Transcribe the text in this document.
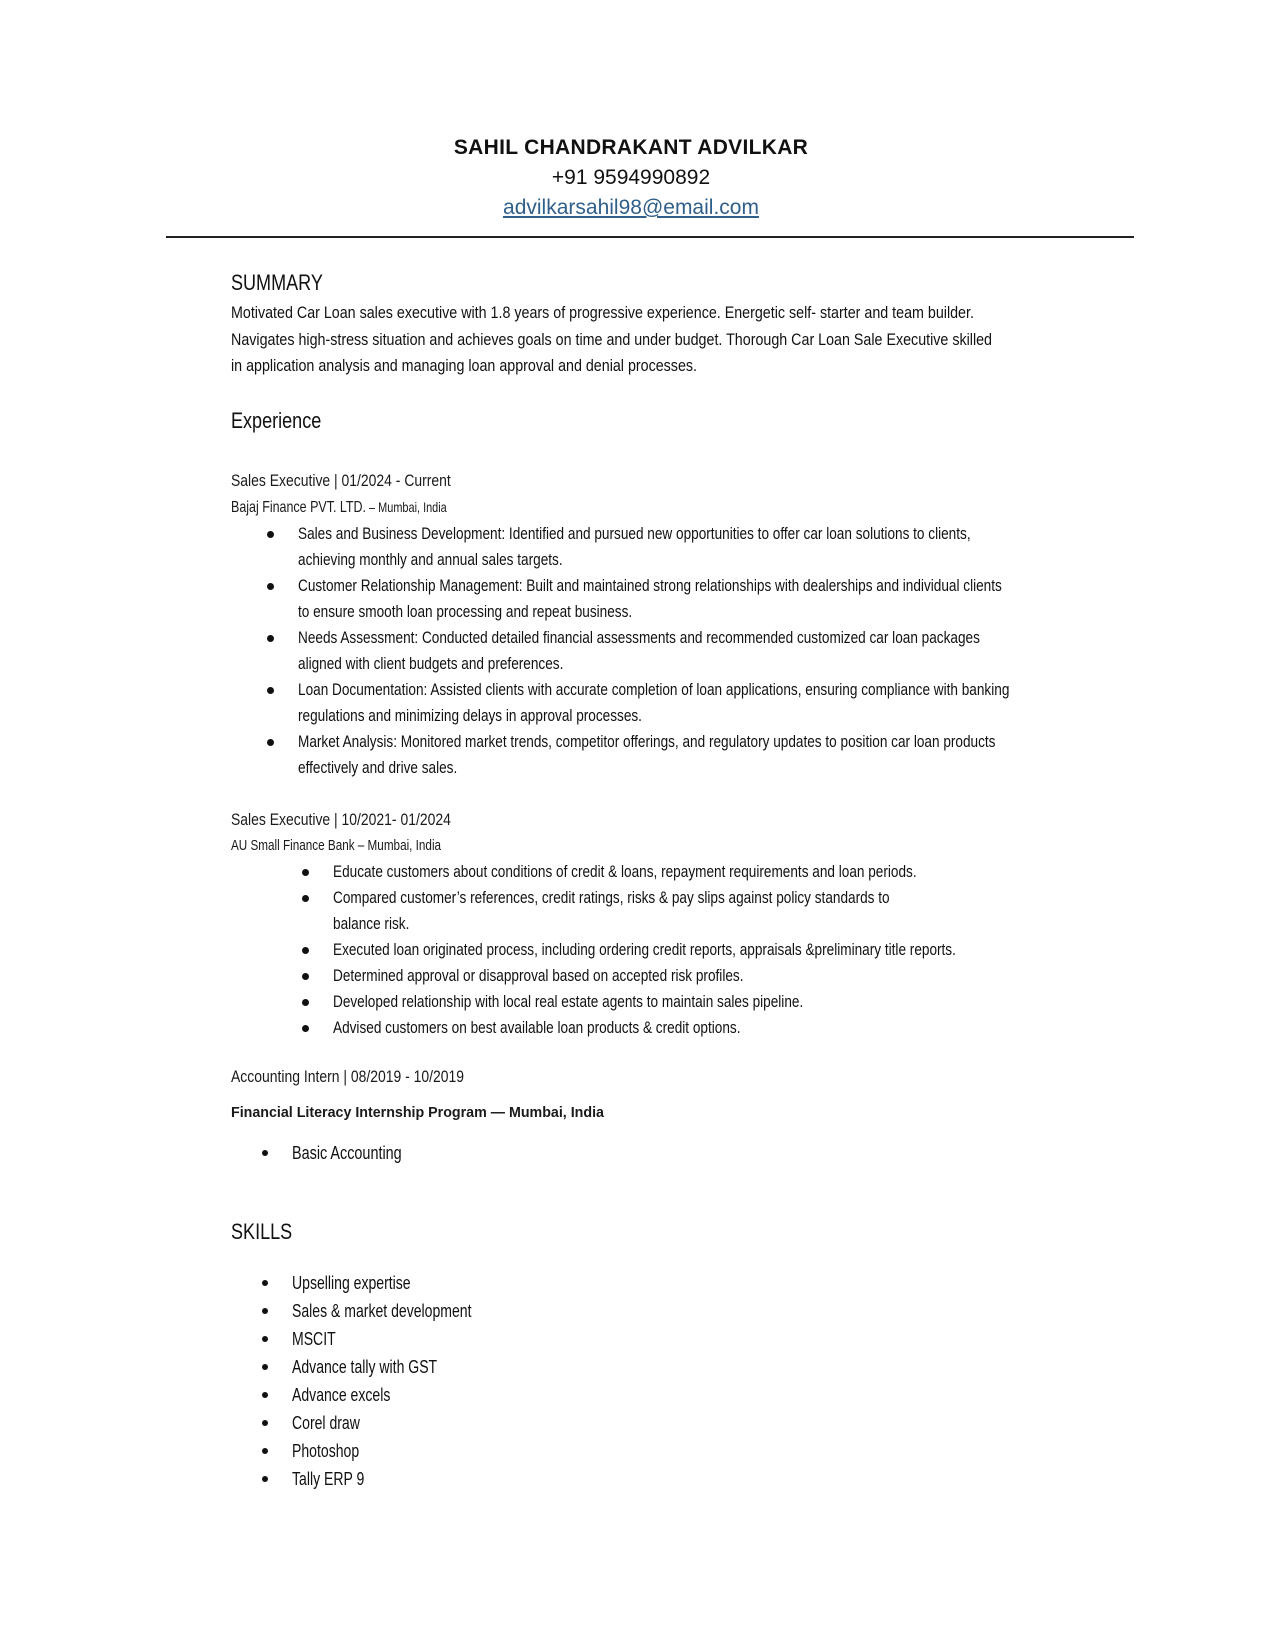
SAHIL CHANDRAKANT ADVILKAR
+91 9594990892
advilkarsahil98@email.com
SUMMARY
Motivated Car Loan sales executive with 1.8 years of progressive experience. Energetic self- starter and team builder.
Navigates high-stress situation and achieves goals on time and under budget. Thorough Car Loan Sale Executive skilled
in application analysis and managing loan approval and denial processes.
Experience
Sales Executive | 01/2024 - Current
Bajaj Finance PVT. LTD. – Mumbai, India
Sales and Business Development: Identified and pursued new opportunities to offer car loan solutions to clients,
achieving monthly and annual sales targets.
Customer Relationship Management: Built and maintained strong relationships with dealerships and individual clients
to ensure smooth loan processing and repeat business.
Needs Assessment: Conducted detailed financial assessments and recommended customized car loan packages
aligned with client budgets and preferences.
Loan Documentation: Assisted clients with accurate completion of loan applications, ensuring compliance with banking
regulations and minimizing delays in approval processes.
Market Analysis: Monitored market trends, competitor offerings, and regulatory updates to position car loan products
effectively and drive sales.
Sales Executive | 10/2021- 01/2024
AU Small Finance Bank – Mumbai, India
Educate customers about conditions of credit & loans, repayment requirements and loan periods.
Compared customer’s references, credit ratings, risks & pay slips against policy standards to
balance risk.
Executed loan originated process, including ordering credit reports, appraisals &preliminary title reports.
Determined approval or disapproval based on accepted risk profiles.
Developed relationship with local real estate agents to maintain sales pipeline.
Advised customers on best available loan products & credit options.
Accounting Intern | 08/2019 - 10/2019
Financial Literacy Internship Program — Mumbai, India
Basic Accounting
SKILLS
Upselling expertise
Sales & market development
MSCIT
Advance tally with GST
Advance excels
Corel draw
Photoshop
Tally ERP 9
